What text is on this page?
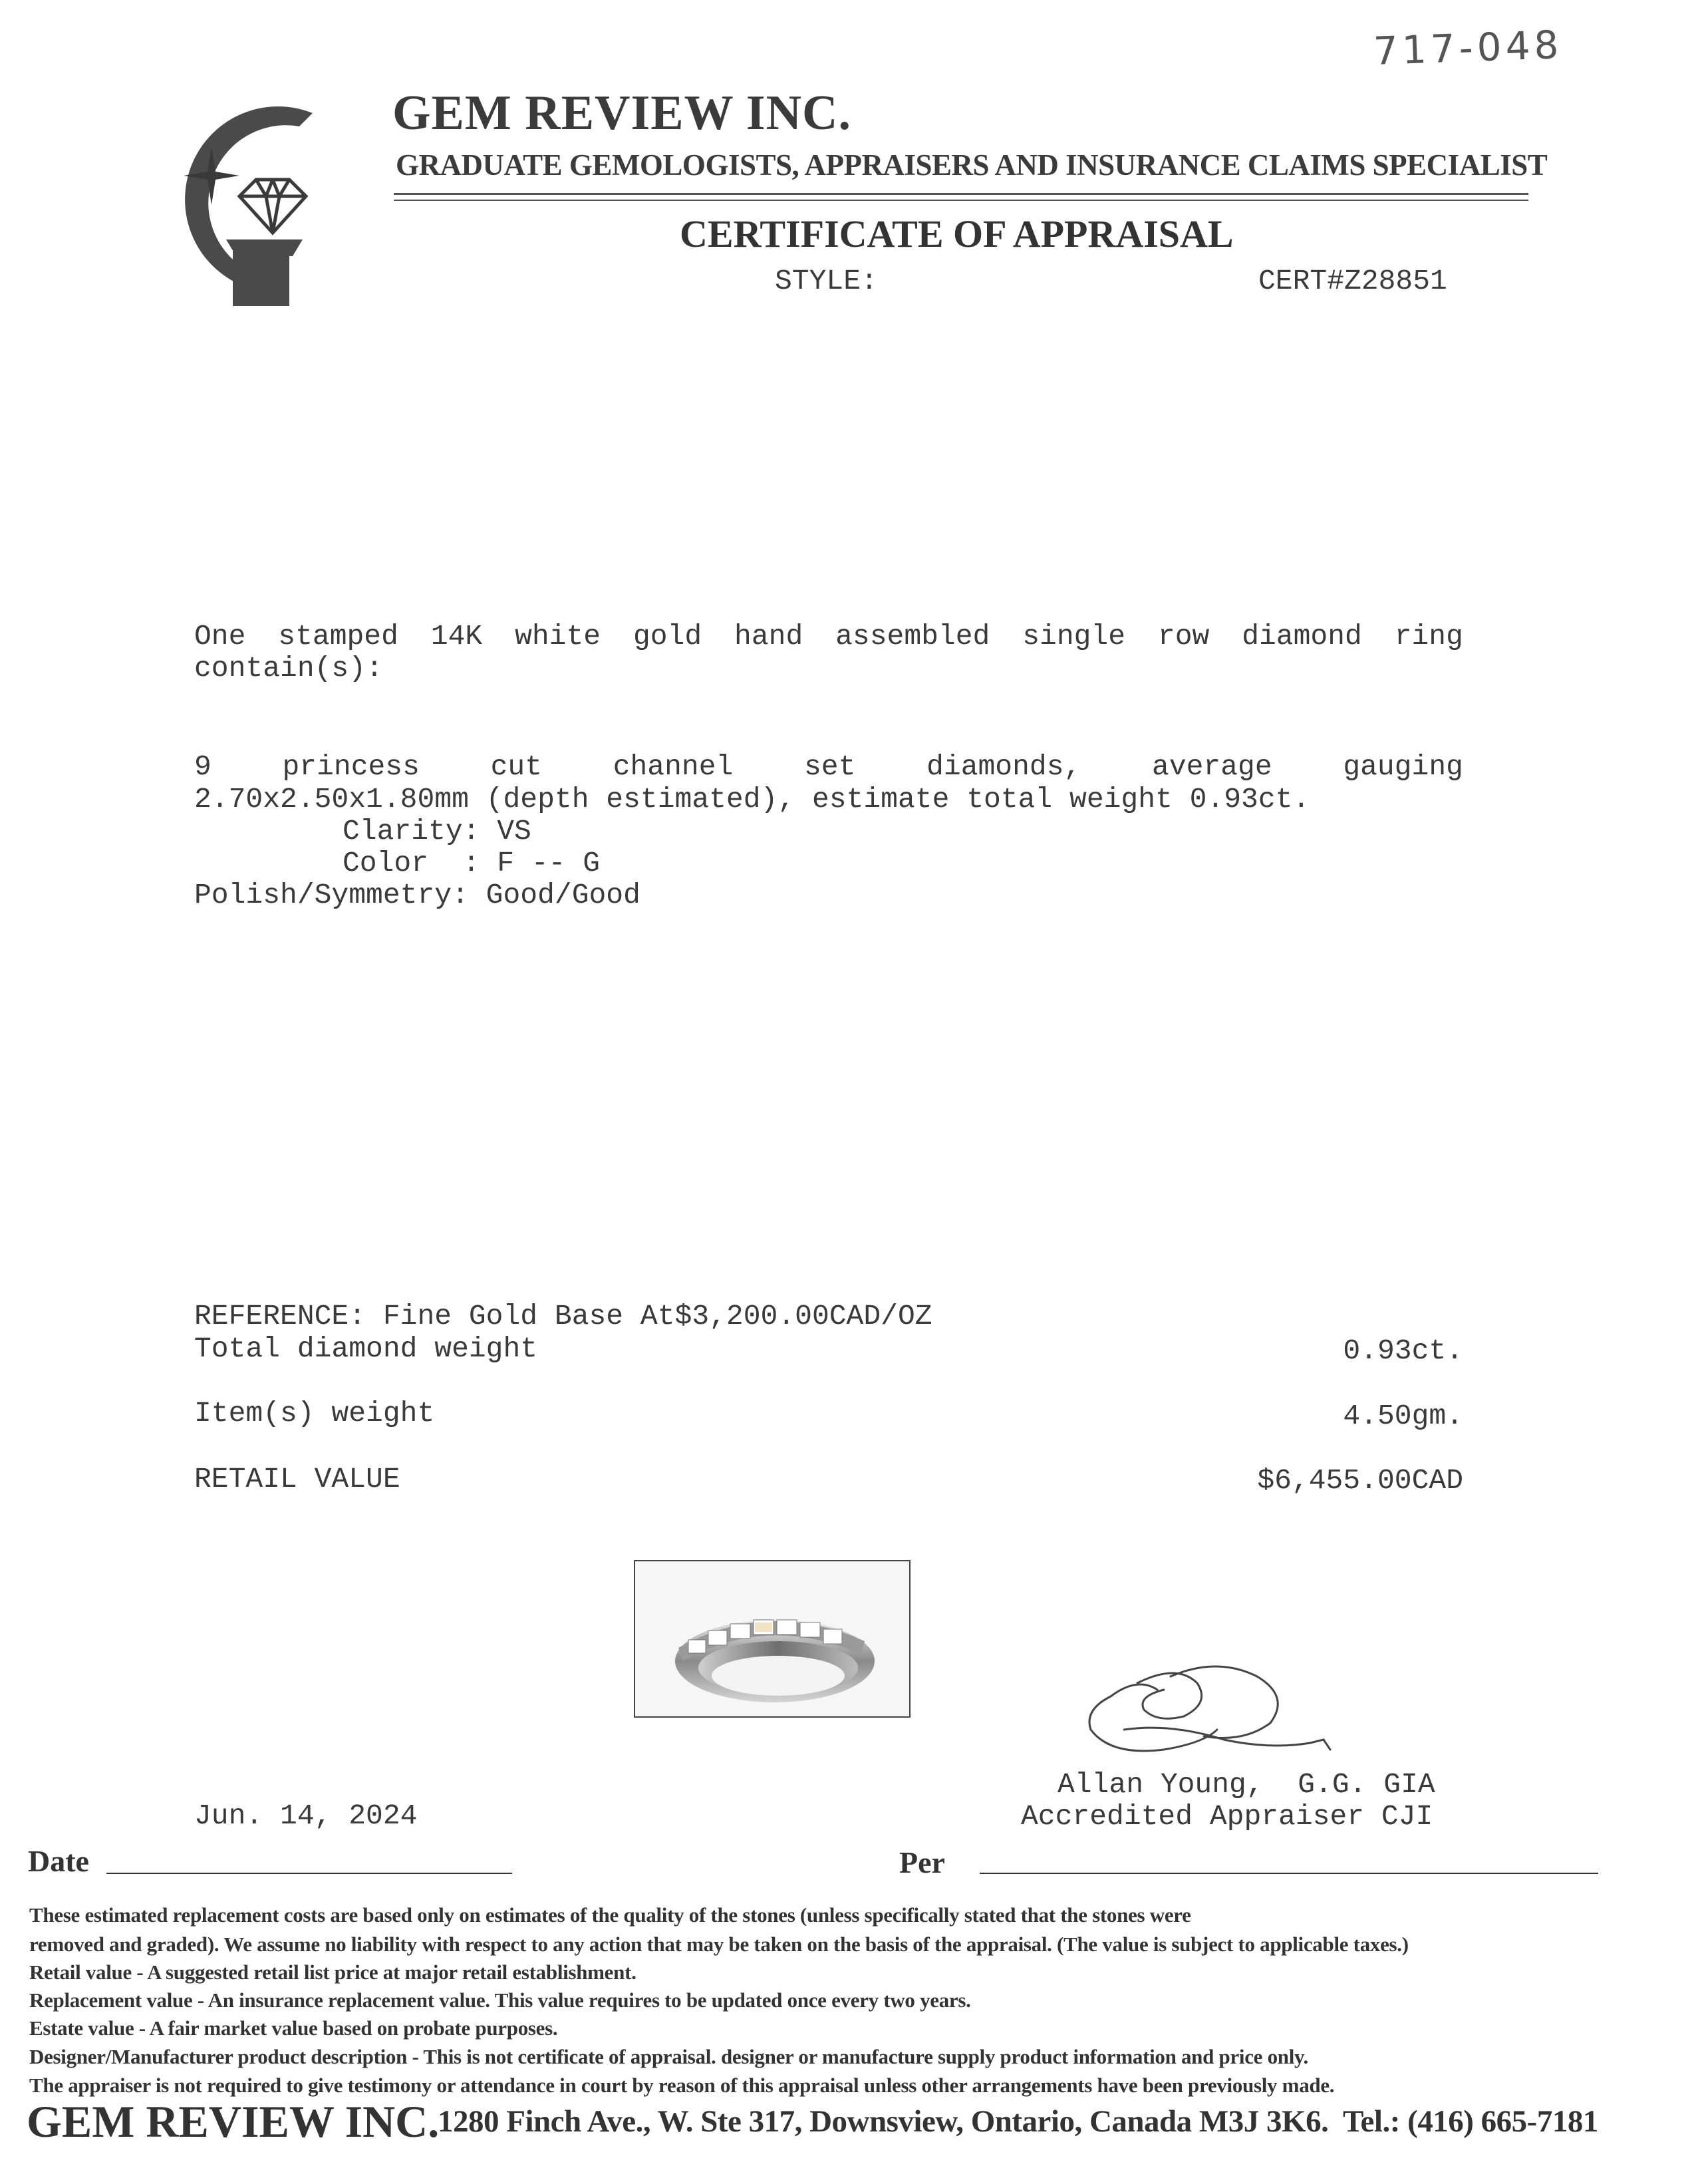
717-048
GEM REVIEW INC.
GRADUATE GEMOLOGISTS, APPRAISERS AND INSURANCE CLAIMS SPECIALIST
CERTIFICATE OF APPRAISAL
STYLE:	CERT#Z28851
One stamped 14K white gold hand assembled single row diamond ring
contain(s):
9 princess cut channel set diamonds, average gauging
2.70x2.50x1.80mm (depth estimated), estimate total weight 0.93ct.
Clarity: VS
Color  : F -- G
Polish/Symmetry: Good/Good
REFERENCE: Fine Gold Base At$3,200.00CAD/OZ
Total diamond weight	0.93ct.
Item(s) weight	4.50gm.
RETAIL VALUE	$6,455.00CAD
Allan Young,  G.G. GIA
Jun. 14, 2024	Accredited Appraiser CJI
Date	Per
These estimated replacement costs are based only on estimates of the quality of the stones (unless specifically stated that the stones were
removed and graded). We assume no liability with respect to any action that may be taken on the basis of the appraisal. (The value is subject to applicable taxes.)
Retail value - A suggested retail list price at major retail establishment.
Replacement value - An insurance replacement value. This value requires to be updated once every two years.
Estate value - A fair market value based on probate purposes.
Designer/Manufacturer product description - This is not certificate of appraisal. designer or manufacture supply product information and price only.
The appraiser is not required to give testimony or attendance in court by reason of this appraisal unless other arrangements have been previously made.
GEM REVIEW INC.
1280 Finch Ave., W. Ste 317, Downsview, Ontario, Canada M3J 3K6.  Tel.: (416) 665-7181
